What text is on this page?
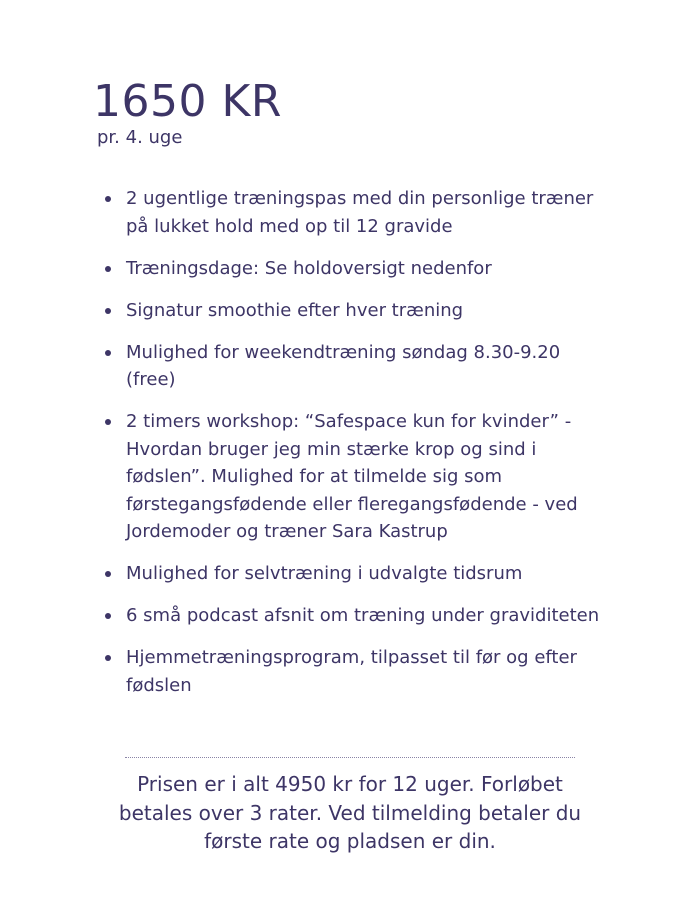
1650 KR

pr. 4. uge

2 ugentlige træningspas med din personlige træner på lukket hold med op til 12 gravide
Træningsdage: Se holdoversigt nedenfor
Signatur smoothie efter hver træning
Mulighed for weekendtræning søndag 8.30-9.20 (free)
2 timers workshop: “Safespace kun for kvinder” - Hvordan bruger jeg min stærke krop og sind i fødslen”. Mulighed for at tilmelde sig som førstegangsfødende eller fleregangsfødende - ved Jordemoder og træner Sara Kastrup
Mulighed for selvtræning i udvalgte tidsrum
6 små podcast afsnit om træning under graviditeten
Hjemmetræningsprogram, tilpasset til før og efter fødslen

Prisen er i alt 4950 kr for 12 uger. Forløbet betales over 3 rater. Ved tilmelding betaler du første rate og pladsen er din.
